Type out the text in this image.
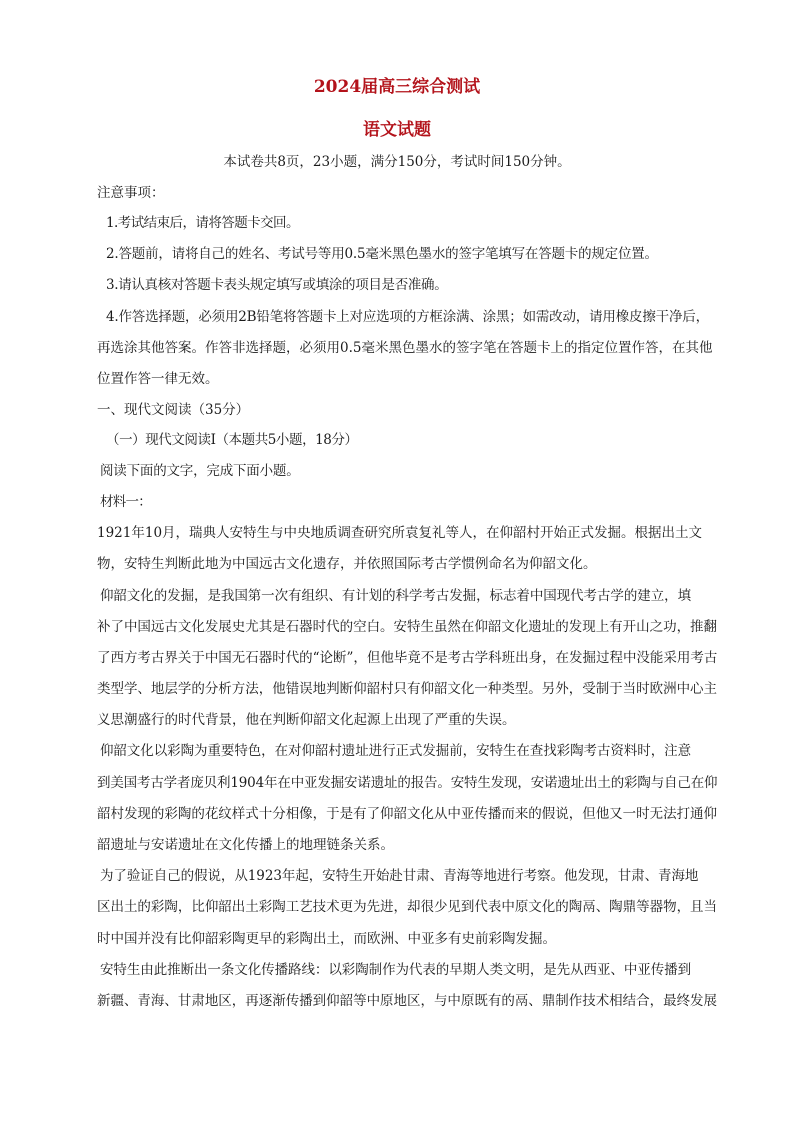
2024届高三综合测试
语文试题

本试卷共8页，23小题，满分150分，考试时间150分钟。

注意事项：

1.考试结束后，请将答题卡交回。

2.答题前，请将自己的姓名、考试号等用0.5毫米黑色墨水的签字笔填写在答题卡的规定位置。

3.请认真核对答题卡表头规定填写或填涂的项目是否准确。

4.作答选择题，必须用2B铅笔将答题卡上对应选项的方框涂满、涂黑；如需改动，请用橡皮擦干净后，

再选涂其他答案。作答非选择题，必须用0.5毫米黑色墨水的签字笔在答题卡上的指定位置作答，在其他

位置作答一律无效。

一、现代文阅读（35分）

（一）现代文阅读Ⅰ（本题共5小题，18分）

阅读下面的文字，完成下面小题。

材料一：

1921年10月，瑞典人安特生与中央地质调查研究所袁复礼等人，在仰韶村开始正式发掘。根据出土文

物，安特生判断此地为中国远古文化遗存，并依照国际考古学惯例命名为仰韶文化。

仰韶文化的发掘，是我国第一次有组织、有计划的科学考古发掘，标志着中国现代考古学的建立，填

补了中国远古文化发展史尤其是石器时代的空白。安特生虽然在仰韶文化遗址的发现上有开山之功，推翻

了西方考古界关于中国无石器时代的“论断”，但他毕竟不是考古学科班出身，在发掘过程中没能采用考古

类型学、地层学的分析方法，他错误地判断仰韶村只有仰韶文化一种类型。另外，受制于当时欧洲中心主

义思潮盛行的时代背景，他在判断仰韶文化起源上出现了严重的失误。

仰韶文化以彩陶为重要特色，在对仰韶村遗址进行正式发掘前，安特生在查找彩陶考古资料时，注意

到美国考古学者庞贝利1904年在中亚发掘安诺遗址的报告。安特生发现，安诺遗址出土的彩陶与自己在仰

韶村发现的彩陶的花纹样式十分相像，于是有了仰韶文化从中亚传播而来的假说，但他又一时无法打通仰

韶遗址与安诺遗址在文化传播上的地理链条关系。

为了验证自己的假说，从1923年起，安特生开始赴甘肃、青海等地进行考察。他发现，甘肃、青海地

区出土的彩陶，比仰韶出土彩陶工艺技术更为先进，却很少见到代表中原文化的陶鬲、陶鼎等器物，且当

时中国并没有比仰韶彩陶更早的彩陶出土，而欧洲、中亚多有史前彩陶发掘。

安特生由此推断出一条文化传播路线：以彩陶制作为代表的早期人类文明，是先从西亚、中亚传播到

新疆、青海、甘肃地区，再逐渐传播到仰韶等中原地区，与中原既有的鬲、鼎制作技术相结合，最终发展
